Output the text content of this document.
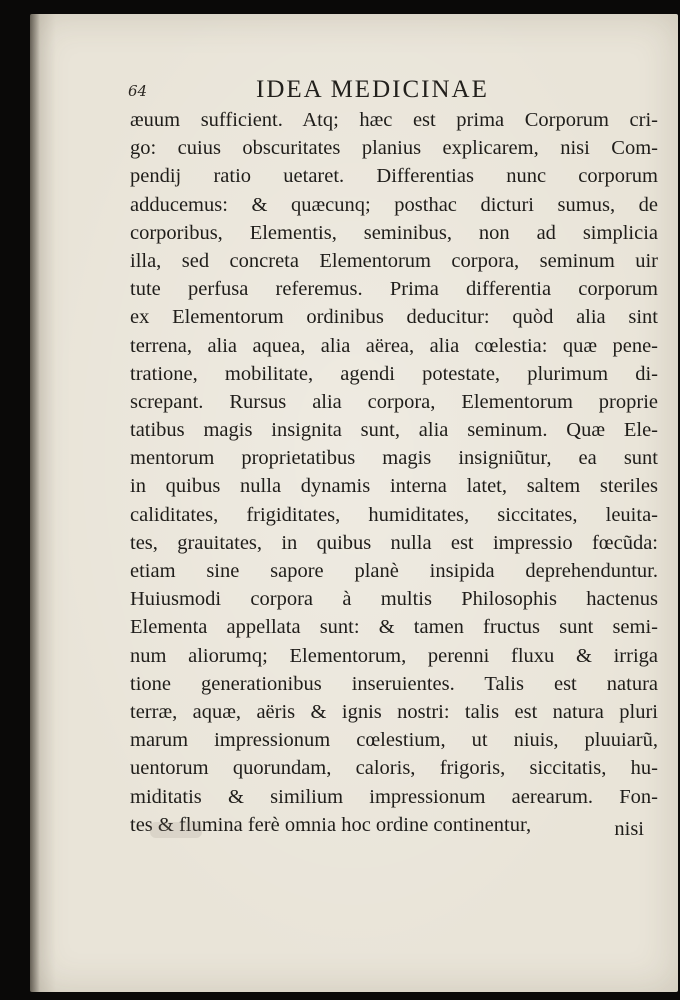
64	IDEA MEDICINAE
æuum sufficient. Atq; hæc est prima Corporum cri-
go: cuius obscuritates planius explicarem, nisi Com-
pendij ratio uetaret. Differentias nunc corporum
adducemus: & quæcunq; posthac dicturi sumus, de
corporibus, Elementis, seminibus, non ad simplicia
illa, sed concreta Elementorum corpora, seminum uir
tute perfusa referemus. Prima differentia corporum
ex Elementorum ordinibus deducitur: quòd alia sint
terrena, alia aquea, alia aërea, alia cœlestia: quæ pene-
tratione, mobilitate, agendi potestate, plurimum di-
screpant. Rursus alia corpora, Elementorum proprie
tatibus magis insignita sunt, alia seminum. Quæ Ele-
mentorum proprietatibus magis insigniũtur, ea sunt
in quibus nulla dynamis interna latet, saltem steriles
caliditates, frigiditates, humiditates, siccitates, leuita-
tes, grauitates, in quibus nulla est impressio fœcũda:
etiam sine sapore planè insipida deprehenduntur.
Huiusmodi corpora à multis Philosophis hactenus
Elementa appellata sunt: & tamen fructus sunt semi-
num aliorumq; Elementorum, perenni fluxu & irriga
tione generationibus inseruientes. Talis est natura
terræ, aquæ, aëris & ignis nostri: talis est natura pluri
marum impressionum cœlestium, ut niuis, pluuiarũ,
uentorum quorundam, caloris, frigoris, siccitatis, hu-
miditatis & similium impressionum aerearum. Fon-
tes & flumina ferè omnia hoc ordine continentur,	nisi
